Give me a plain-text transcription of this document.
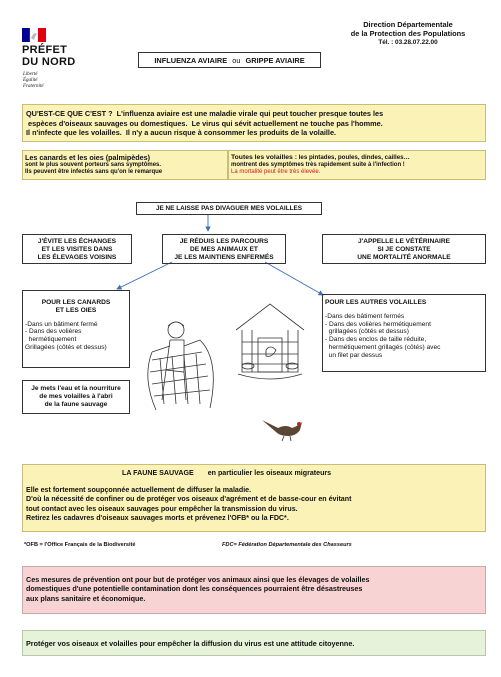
PRÉFET
DU NORD
Liberté
Égalité
Fraternité
INFLUENZA AVIAIRE ou GRIPPE AVIAIRE
Direction Départementale
de la Protection des Populations
Tél. : 03.28.07.22.00
QU'EST-CE QUE C'EST ?  L'influenza aviaire est une maladie virale qui peut toucher presque toutes les
espèces d'oiseaux sauvages ou domestiques.  Le virus qui sévit actuellement ne touche pas l'homme.
Il n'infecte que les volailles.  Il n'y a aucun risque à consommer les produits de la volaille.
Les canards et les oies (palmipèdes)
sont le plus souvent porteurs sans symptômes.
Ils peuvent être infectés sans qu'on le remarque
Toutes les volailles : les pintades, poules, dindes, cailles…
montrent des symptômes très rapidement suite à l'infection !
La mortalité peut être très élevée.
JE NE LAISSE PAS DIVAGUER MES VOLAILLES
J'ÉVITE LES ÉCHANGES
ET LES VISITES DANS
LES ÉLEVAGES VOISINS
JE RÉDUIS LES PARCOURS
DE MES ANIMAUX ET
JE LES MAINTIENS ENFERMÉS
J'APPELLE LE VÉTÉRINAIRE
SI JE CONSTATE
UNE MORTALITÉ ANORMALE
POUR LES CANARDS
ET LES OIES
-Dans un bâtiment fermé
- Dans des volières
hermétiquement
Grillagées (côtés et dessus)
POUR LES AUTRES VOLAILLES
-Dans des bâtiment fermés
- Dans des volières hermétiquement
grillagées (côtés et dessus)
- Dans des enclos de taille réduite,
hermétiquement grillagés (côtés) avec
un filet par dessus
Je mets l'eau et la nourriture
de mes volailles à l'abri
de la faune sauvage
LA FAUNE SAUVAGE en particulier les oiseaux migrateurs
Elle est fortement soupçonnée actuellement de diffuser la maladie.
D'où la nécessité de confiner ou de protéger vos oiseaux d'agrément et de basse-cour en évitant
tout contact avec les oiseaux sauvages pour empêcher la transmission du virus.
Retirez les cadavres d'oiseaux sauvages morts et prévenez l'OFB* ou la FDC*.
*OFB = l'Office Français de la Biodiversité	FDC= Fédération Départementale des Chasseurs
Ces mesures de prévention ont pour but de protéger vos animaux ainsi que les élevages de volailles
domestiques d'une potentielle contamination dont les conséquences pourraient être désastreuses
aux plans sanitaire et économique.
Protéger vos oiseaux et volailles pour empêcher la diffusion du virus est une attitude citoyenne.
